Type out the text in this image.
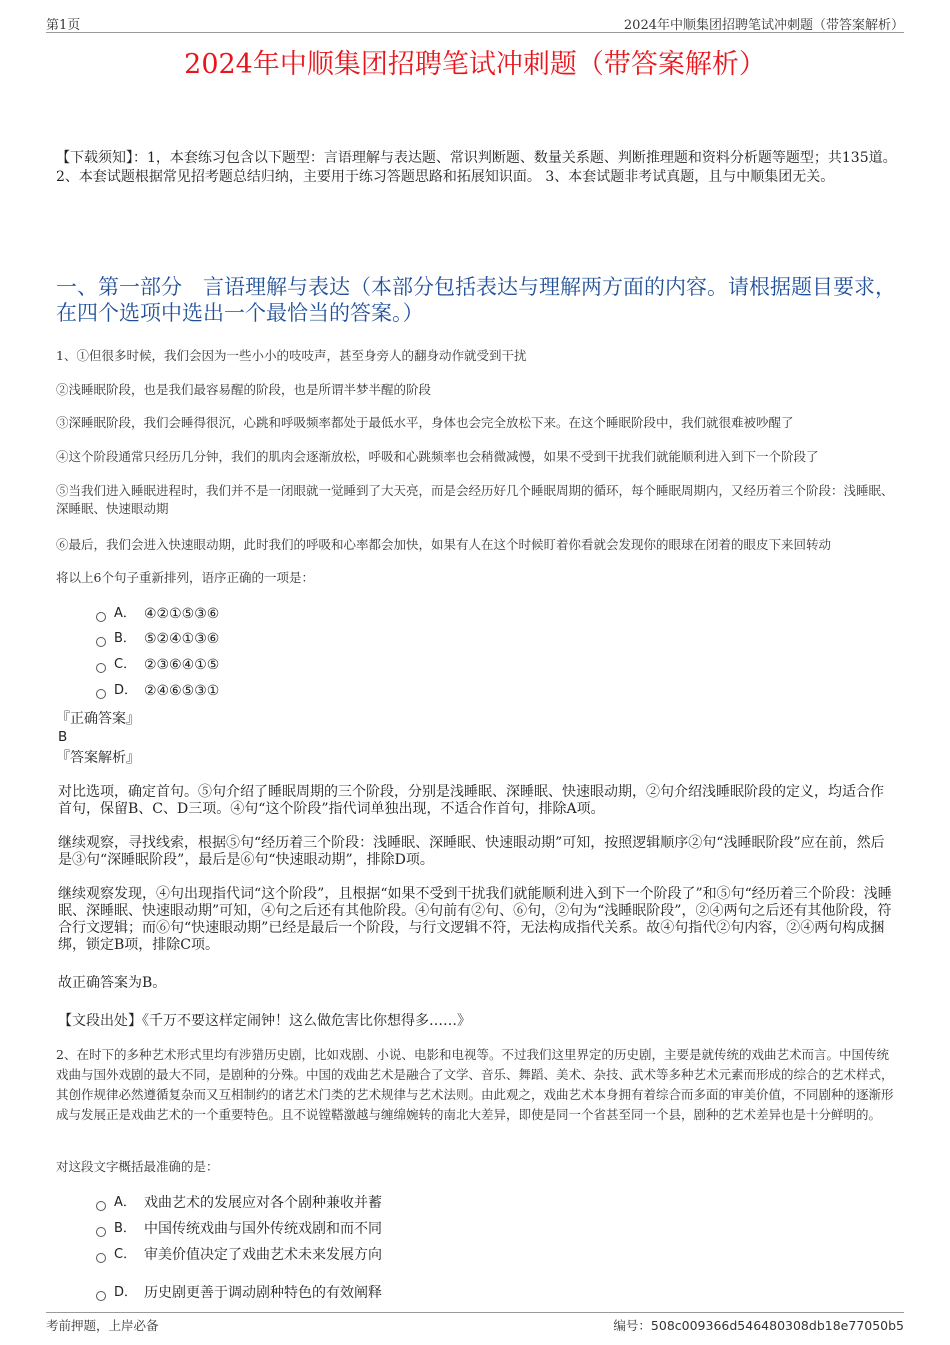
第1页	2024年中顺集团招聘笔试冲刺题（带答案解析）
2024年中顺集团招聘笔试冲刺题（带答案解析）
【下载须知】：1，本套练习包含以下题型：言语理解与表达题、常识判断题、数量关系题、判断推理题和资料分析题等题型；共135道。 2、本套试题根据常见招考题总结归纳，主要用于练习答题思路和拓展知识面。 3、本套试题非考试真题，且与中顺集团无关。
一、第一部分　言语理解与表达（本部分包括表达与理解两方面的内容。请根据题目要求，在四个选项中选出一个最恰当的答案。）
1、①但很多时候，我们会因为一些小小的吱吱声，甚至身旁人的翻身动作就受到干扰
②浅睡眠阶段，也是我们最容易醒的阶段，也是所谓半梦半醒的阶段
③深睡眠阶段，我们会睡得很沉，心跳和呼吸频率都处于最低水平，身体也会完全放松下来。在这个睡眠阶段中，我们就很难被吵醒了
④这个阶段通常只经历几分钟，我们的肌肉会逐渐放松，呼吸和心跳频率也会稍微减慢，如果不受到干扰我们就能顺利进入到下一个阶段了
⑤当我们进入睡眠进程时，我们并不是一闭眼就一觉睡到了大天亮，而是会经历好几个睡眠周期的循环，每个睡眠周期内，又经历着三个阶段：浅睡眠、深睡眠、快速眼动期
⑥最后，我们会进入快速眼动期，此时我们的呼吸和心率都会加快，如果有人在这个时候盯着你看就会发现你的眼球在闭着的眼皮下来回转动
将以上6个句子重新排列，语序正确的一项是：
A． ④②①⑤③⑥
B． ⑤②④①③⑥
C． ②③⑥④①⑤
D． ②④⑥⑤③①
『正确答案』
B
『答案解析』
对比选项，确定首句。⑤句介绍了睡眠周期的三个阶段，分别是浅睡眠、深睡眠、快速眼动期，②句介绍浅睡眠阶段的定义，均适合作首句，保留B、C、D三项。④句“这个阶段”指代词单独出现，不适合作首句，排除A项。
继续观察，寻找线索，根据⑤句“经历着三个阶段：浅睡眠、深睡眠、快速眼动期”可知，按照逻辑顺序②句“浅睡眠阶段”应在前，然后是③句“深睡眠阶段”，最后是⑥句“快速眼动期”，排除D项。
继续观察发现，④句出现指代词“这个阶段”，且根据“如果不受到干扰我们就能顺利进入到下一个阶段了”和⑤句“经历着三个阶段：浅睡眠、深睡眠、快速眼动期”可知，④句之后还有其他阶段。④句前有②句、⑥句，②句为“浅睡眠阶段”，②④两句之后还有其他阶段，符合行文逻辑；而⑥句“快速眼动期”已经是最后一个阶段，与行文逻辑不符，无法构成指代关系。故④句指代②句内容，②④两句构成捆绑，锁定B项，排除C项。
故正确答案为B。
【文段出处】《千万不要这样定闹钟！这么做危害比你想得多……》
2、在时下的多种艺术形式里均有涉猎历史剧，比如戏剧、小说、电影和电视等。不过我们这里界定的历史剧，主要是就传统的戏曲艺术而言。中国传统戏曲与国外戏剧的最大不同，是剧种的分殊。中国的戏曲艺术是融合了文学、音乐、舞蹈、美术、杂技、武术等多种艺术元素而形成的综合的艺术样式，其创作规律必然遵循复杂而又互相制约的诸艺术门类的艺术规律与艺术法则。由此观之，戏曲艺术本身拥有着综合而多面的审美价值，不同剧种的逐渐形成与发展正是戏曲艺术的一个重要特色。且不说镗鞳激越与缠绵婉转的南北大差异，即使是同一个省甚至同一个县，剧种的艺术差异也是十分鲜明的。
对这段文字概括最准确的是：
A． 戏曲艺术的发展应对各个剧种兼收并蓄
B． 中国传统戏曲与国外传统戏剧和而不同
C． 审美价值决定了戏曲艺术未来发展方向
D． 历史剧更善于调动剧种特色的有效阐释
考前押题，上岸必备	编号：508c009366d546480308db18e77050b5
